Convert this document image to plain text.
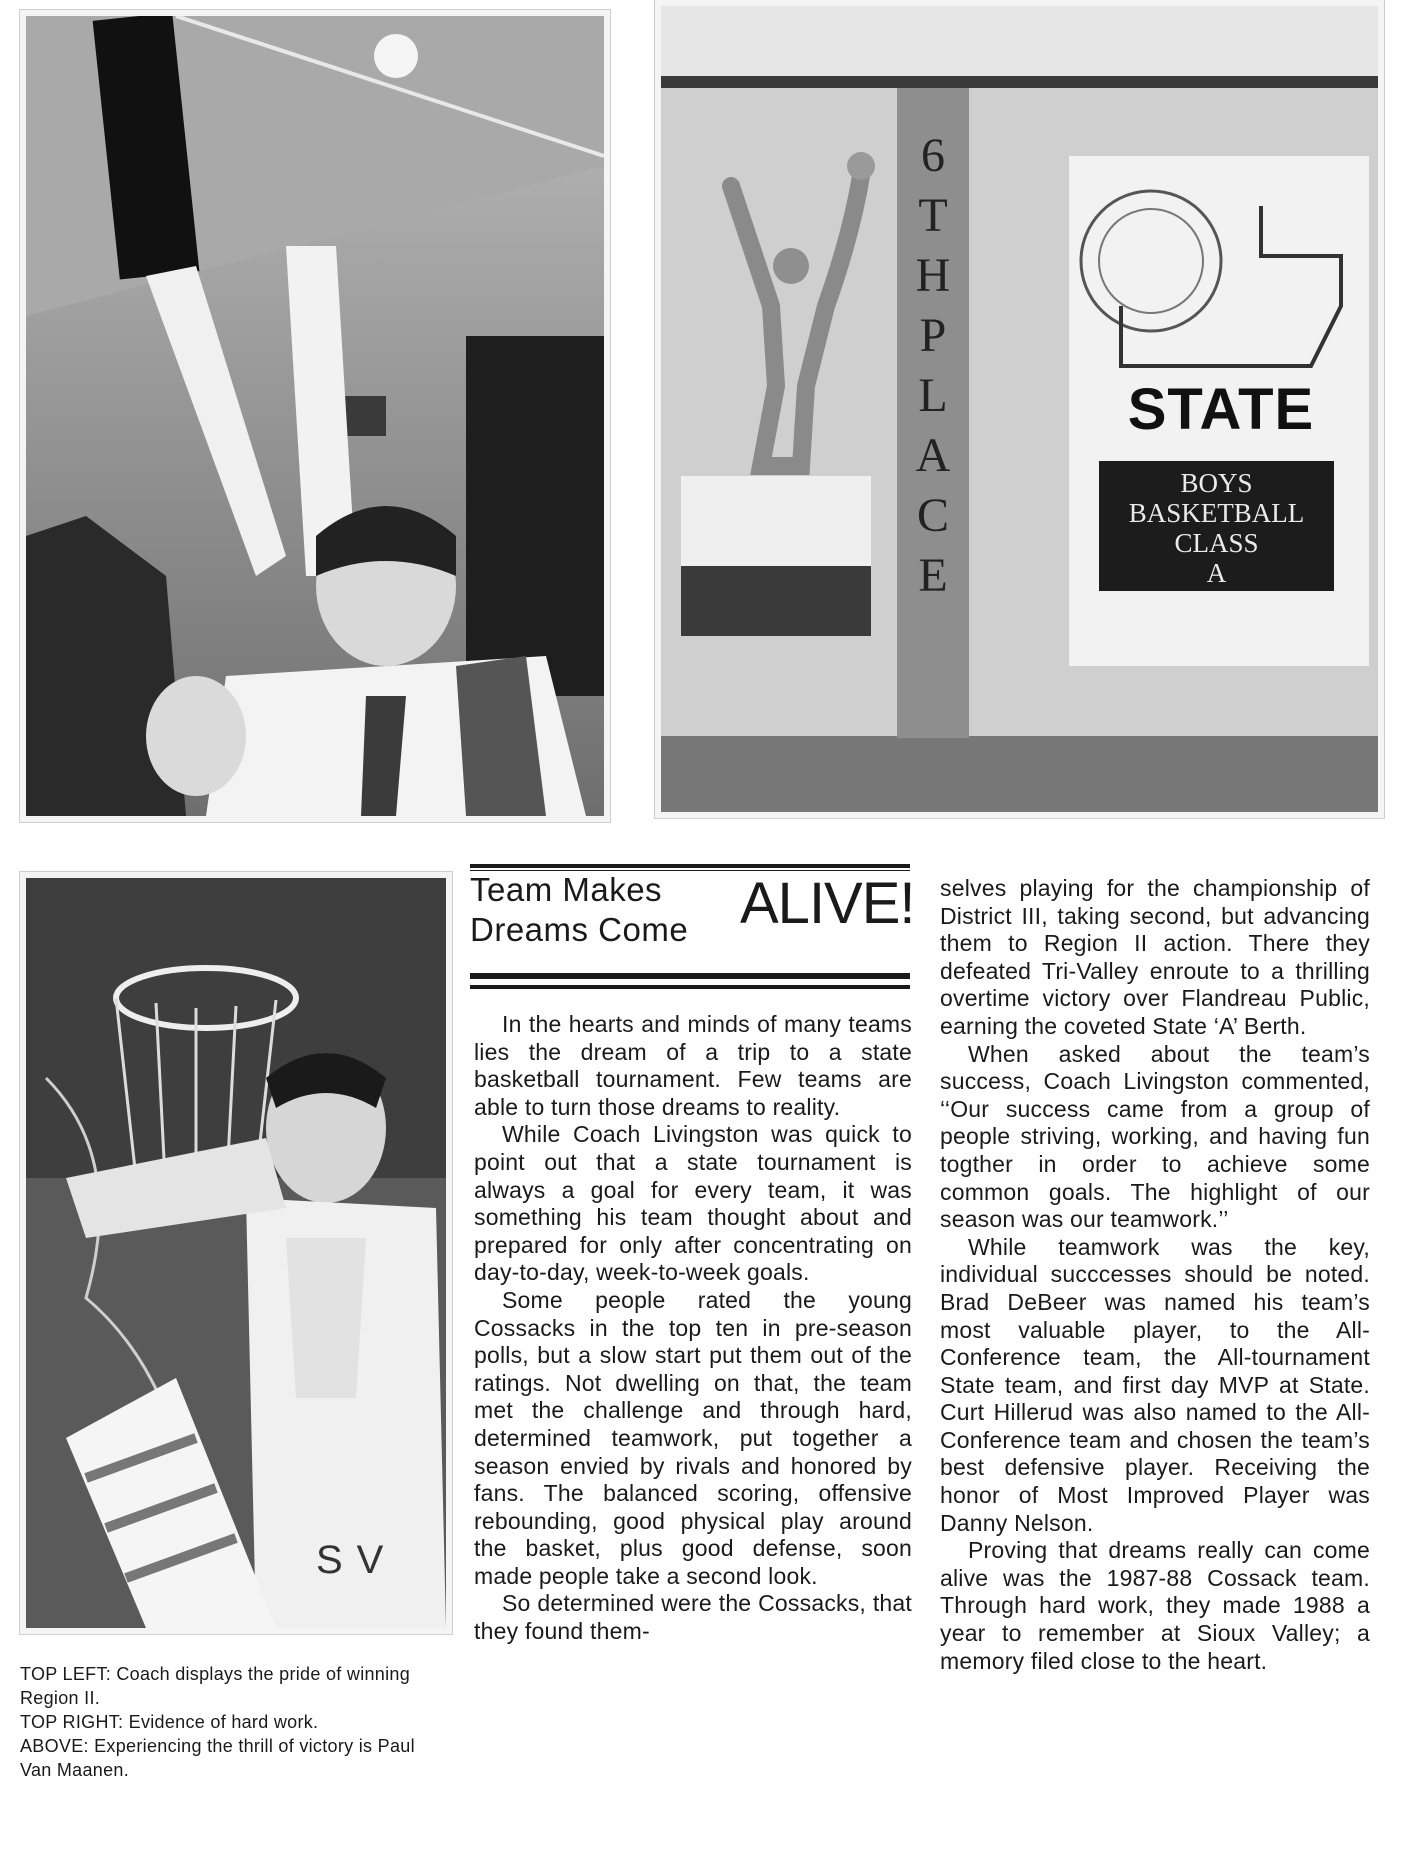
6TH PLACE
STATE
BOYS
BASKETBALL
CLASS
A
SV
Team Makes
Dreams Come ALIVE!

In the hearts and minds of many teams lies the dream of a trip to a state basketball tournament. Few teams are able to turn those dreams to reality.

While Coach Livingston was quick to point out that a state tournament is always a goal for every team, it was something his team thought about and prepared for only after concentrating on day-to-day, week-to-week goals.

Some people rated the young Cossacks in the top ten in pre-season polls, but a slow start put them out of the ratings. Not dwelling on that, the team met the challenge and through hard, determined teamwork, put together a season envied by rivals and honored by fans. The balanced scoring, offensive rebounding, good physical play around the basket, plus good defense, soon made people take a second look.

So determined were the Cossacks, that they found them-

selves playing for the championship of District III, taking second, but advancing them to Region II action. There they defeated Tri-Valley enroute to a thrilling overtime victory over Flandreau Public, earning the coveted State ‘A’ Berth.

When asked about the team’s success, Coach Livingston commented, ‘‘Our success came from a group of people striving, working, and having fun togther in order to achieve some common goals. The highlight of our season was our teamwork.’’

While teamwork was the key, individual succcesses should be noted. Brad DeBeer was named his team’s most valuable player, to the All-Conference team, the All-tournament State team, and first day MVP at State. Curt Hillerud was also named to the All-Conference team and chosen the team’s best defensive player. Receiving the honor of Most Improved Player was Danny Nelson.

Proving that dreams really can come alive was the 1987-88 Cossack team. Through hard work, they made 1988 a year to remember at Sioux Valley; a memory filed close to the heart.

TOP LEFT: Coach displays the pride of winning Region II.
TOP RIGHT: Evidence of hard work.
ABOVE: Experiencing the thrill of victory is Paul Van Maanen.
